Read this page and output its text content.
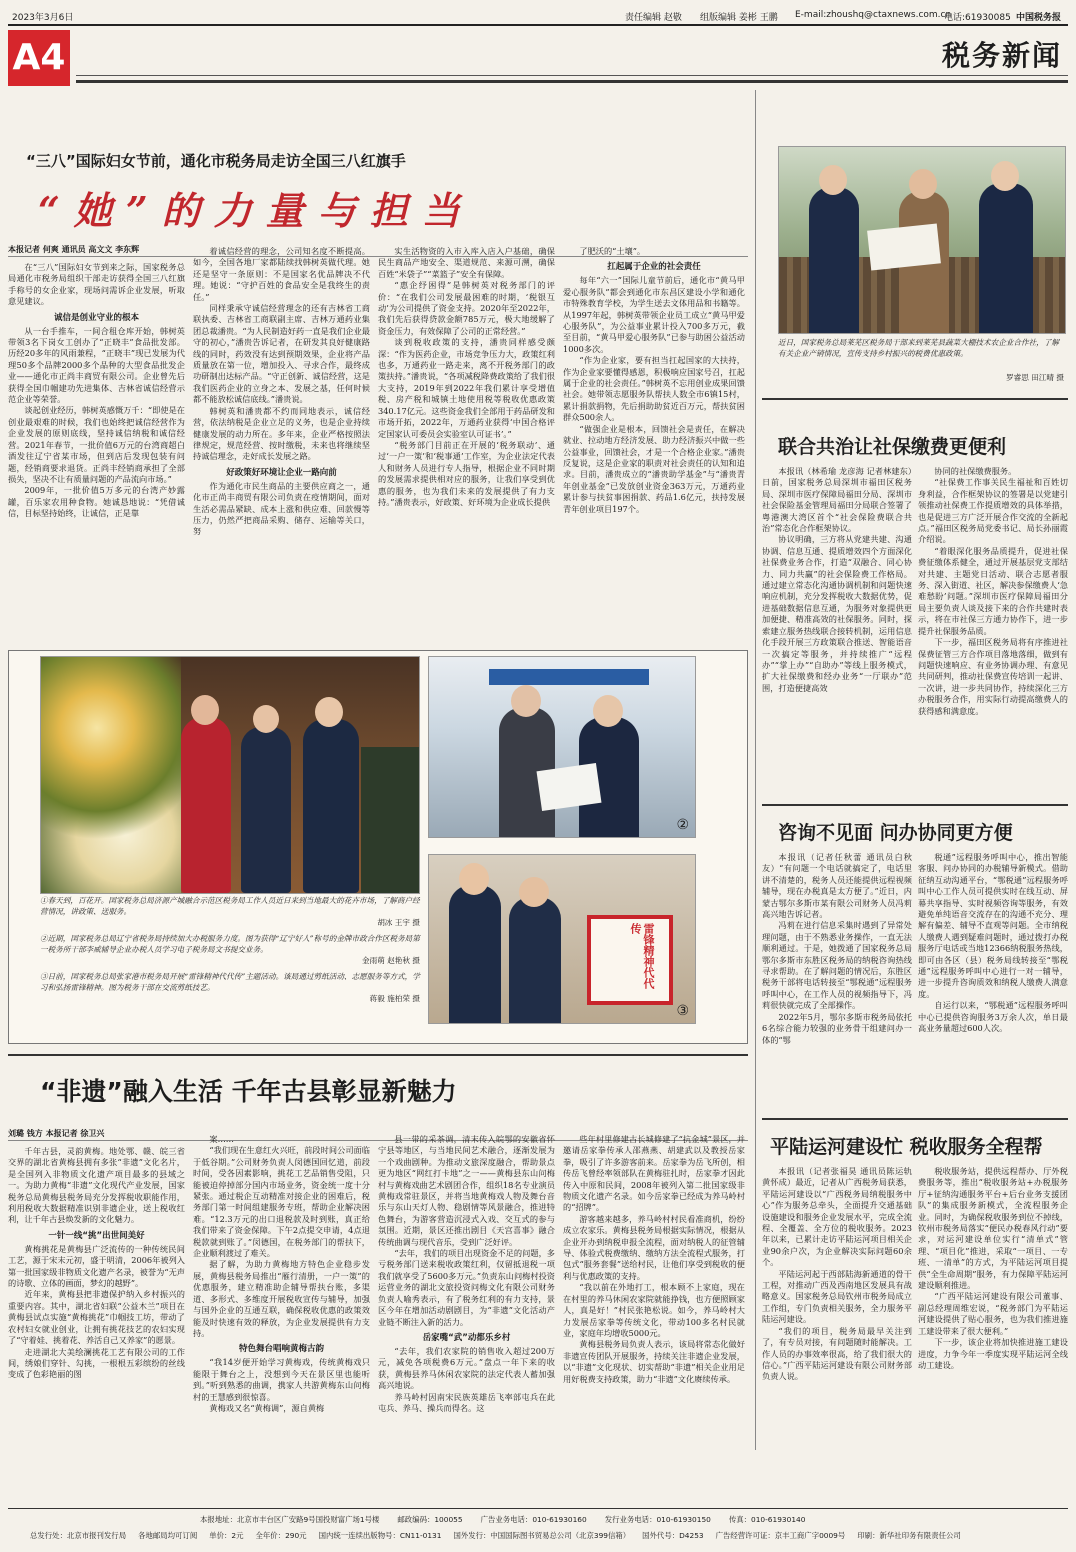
2023年3月6日	责任编辑 赵敬 组版编辑 姜彬 王鹏 E-mail:zhoushq@ctaxnews.com.cn
电话:61930085 中国税务报
A4	税务新闻
“三八”国际妇女节前，通化市税务局走访全国三八红旗手
“她”的力量与担当
本报记者 何爽 通讯员 高文文 李东辉

在“三八”国际妇女节到来之际，国家税务总局通化市税务局组织干部走访获得全国三八红旗手称号的女企业家，现场问需诉企业发展，听取意见建议。

诚信是创业守业的根本

从一台手推车，一间合租仓库开始，韩树英带领3名下岗女工创办了“正晓丰”食品批发部。历经20多年的风雨兼程，“正晓丰”现已发展为代理50多个品牌2000多个品种的大型食品批发企业——通化市正尚丰商贸有限公司。企业曾先后获得全国巾帼建功先进集体、吉林省诚信经营示范企业等荣誉。

谈起创业经历，韩树英感慨万千：“即使是在创业最艰难的时候，我们也始终把诚信经营作为企业发展的原则底线，坚持诚信纳税和诚信经营。2021年春节，一批价值6万元的台湾商超白酒发往辽宁省某市场，但到店后发现包装有问题，经销商要求退货。正尚丰经销商承担了全部损失，坚决不让有质量问题的产品流向市场。”

2009年，一批价值5万多元的台湾产妙露罐，百乐家农用种食物。她诚恳地说：“凭借诚信，目标坚持始终，让诚信，正是靠

着诚信经营的理念，公司知名度不断提高。如今，全国各地厂家都陆续找韩树英做代理。她还是坚守一条原则：不是国家名优品牌决不代理。她说：“守护百姓的食品安全是我终生的责任。”

同样秉承守诚信经营理念的还有吉林省工商联执委、吉林省工商联副主席、吉林万通药业集团总裁潘贵。“为人民制造好药一直是我们企业最守的初心，”潘贵告诉记者，在研发其良好健康路线的同时，药效没有达到预期效果，企业将产品质量放在第一位，增加投入、寻求合作，最终成功研制出达标产品。“守正创新、诚信经营，这是我们医药企业的立身之本、发展之基，任何时候都不能放松诚信底线。”潘贵说。

韩树英和潘贵都不约而同地表示，诚信经营，依法纳税是企业立足的义务，也是企业持续健康发展的动力所在。多年来，企业严格按照法律规定，规范经营、按时缴税，未来也将继续坚持诚信理念，走好成长发展之路。

好政策好环境让企业一路向前

作为通化市民生商品的主要供应商之一，通化市正尚丰商贸有限公司负责在疫情期间，面对生活必需品紧缺、成本上涨和供应难、回款慢等压力，仍然严把商品采购、储存、运输等关口，努

实生活物资的入市入库入店入户基础，确保民生商品产地安全、渠道规范、来源可溯，确保百姓“米袋子”“菜篮子”安全有保障。

“惠企纾困得”是韩树英对税务部门的评价：“在我们公司发展最困难的时期，‘税银互动’为公司提供了资金支持。2020年至2022年，我们先后获得贷款金额785万元，极大地缓解了资金压力，有效保障了公司的正常经营。”

谈到税收政策的支持，潘贵同样感受颇深：“作为医药企业，市场竞争压力大，政策红利也多，万通药业一路走来，离不开税务部门的政策扶持。”潘贵说，“各项减税降费政策给了我们很大支持，2019年到2022年我们累计享受增值税、房产税和城镇土地使用税等税收优惠政策340.17亿元。这些资金我们全部用于药品研发和市场开拓，2022年，万通药业获得‘中国合格评定国家认可委员会实验室认可证书’。”

“税务部门目前正在开展的‘税务联动’、通过‘一户一策’和‘税事通’工作室，为企业法定代表人和财务人员进行专人指导，根据企业不同时期的发展需求提供相对应的服务，让我们享受到优惠的服务，也为我们未来的发展提供了有力支持。”潘贵表示，好政策、好环境为企业成长提供

了肥沃的“土壤”。

扛起属于企业的社会责任

每年“六一”国际儿童节前后，通化市“黄马甲爱心服务队”都会到通化市东昌区建设小学和通化市特殊教育学校，为学生送去文体用品和书籍等。从1997年起，韩树英带领企业员工成立“黄马甲爱心服务队”，为公益事业累计投入700多万元，截至目前，“黄马甲爱心服务队”已参与助困公益活动1000多次。

“作为企业家，要有担当扛起国家的大扶持，作为企业家要懂得感恩，积极响应国家号召，扛起属于企业的社会责任。”韩树英不忘用创业成果回馈社会。她带领志愿服务队帮扶人数全市6镇15村，累计捐款捐物，先后捐助助贫近百万元，帮扶贫困群众500余人。

“做强企业是根本，回馈社会是责任，在解决就业、拉动地方经济发展、助力经济振兴中做一些公益事业，回馈社会，才是一个合格企业家。”潘贵反复说，这是企业家的职责对社会责任的认知和追求。目前，潘贵成立的“潘贵助学基金”与“潘贵青年创业基金”已发放创业资金363万元，万通药业累计参与扶贫事困捐款、药品1.6亿元，扶持发展青年创业项目197个。

②
雷锋精神代代传
③
①春天到，百花开。国家税务总局济源产城融合示范区税务局工作人员近日来到当地最大的花卉市场，了解商户经营情况，讲政策、送服务。
胡冰 王宇 摄
②近期，国家税务总局辽宁省税务局持续加大办税服务力度。图为获得“辽宁好人”称号的金牌市政合作区税务局第一税务所干部李威辅导企业办税人员学习电子税务局文书提交业务。
金雨萌 赵艳秋 摄
③日前，国家税务总局张家港市税务局开展“雷锋精神代代传”主题活动。该局通过剪纸活动、志愿服务等方式，学习和弘扬雷锋精神。图为税务干部在交流剪纸技艺。
蒋毅 施柏荣 摄
“非遗”融入生活 千年古县彰显新魅力
刘璐 钱方 本报记者 徐卫兴

千年古县，灵韵黄梅。地处鄂、赣、皖三省交界的湖北省黄梅县拥有多张“非遗”文化名片，是全国列入非物质文化遗产项目最多的县域之一。为助力黄梅“非遗”文化现代产业发展，国家税务总局黄梅县税务局充分发挥税收职能作用，利用税收大数据精准识别非遗企业，送上税收红利，让千年古县焕发新的文化魅力。

一针一线“挑”出世间美好

黄梅挑花是黄梅县广泛流传的一种传统民间工艺，源于宋末元初，盛于明清，2006年被列入第一批国家级非物质文化遗产名录，被誉为“无声的诗歌、立体的画面，梦幻的越野”。

近年来，黄梅县把非遗保护纳入乡村振兴的重要内容。其中，湖北省妇联“公益木兰”项目在黄梅县试点实施“黄梅挑花”巾帼技工坊，带动了农村妇女就业创业，让拥有挑花技艺的农妇实现了“守着娃、挑着花、养活自己又养家”的愿景。

走进湖北大美绘澜挑花工艺有限公司的工作间，绣娘们穿针、勾挑，一根根五彩缤纷的丝线变成了色彩艳丽的图

案……

“我们现在生意红火兴旺，前段时间公司面临于低谷期。”公司财务负责人闵德国回忆道，前段时间，受各因素影响，挑花工艺品销售受阻，只能被迫停掉部分国内市场业务，资金统一度十分紧张。通过税企互动精准对接企业的困难后，税务部门第一时间组建服务专班，帮助企业解决困难。“12.3万元的出口退税款及时到账，真正给我们带来了资金保障。下午2点提交申请，4点退税款就到账了。”闵德国，在税务部门的帮扶下，企业顺利渡过了难关。

据了解，为助力黄梅地方特色企业稳步发展，黄梅县税务局推出“雁行清册，一户一策”的优惠服务，建立精准助企辅导帮扶台账，多渠道、多形式、多维度开展税收宣传与辅导，加强与国外企业的互通互联，确保税收优惠的政策效能及时快速有效的释放，为企业发展提供有力支持。

特色舞台唱响黄梅古韵

“我14岁便开始学习黄梅戏，传统黄梅戏只能限于舞台之上，没想到今天在景区里也能听到。”听到熟悉的曲调，携家人共游黄梅东山问梅村的王慧感到很惊喜。

黄梅戏又名“黄梅调”，源自黄梅

县一带的采茶调，清末传入皖鄂的安徽省怀宁县等地区，与当地民间艺术融合，逐渐发展为一个戏曲剧种。为推动文旅深度融合，帮助景点更为地区“网红打卡地”之一——黄梅县东山问梅村与黄梅戏曲艺术剧团合作，组织18名专业演员黄梅戏常驻景区，并将当地黄梅戏人物及舞台音乐与东山天灯人物、稳剧情等风景融合，推进特色舞台，为游客营造沉浸式入戏、交互式的参与氛围。近期，景区还推出剧目《天宫喜事》融合传统曲调与现代音乐，受到广泛好评。

“去年，我们的项目出现资金不足的问题，多亏税务部门送来税收政策红利，仅留抵退税一项我们就享受了5600多万元。”负责东山问梅村投资运营业务的湖北文旅投资问梅文化有限公司财务负责人喻秀表示，有了税务红利的有力支持，景区今年在增加活动剧剧目，为“非遗”文化活动产业链不断注入新的活力。

岳家嘴“武”动都乐乡村

“去年，我们农家院的销售收入超过200万元，减免各项税费6万元。”盘点一年下来的收获，黄梅县养马休闲农家院的法定代表人蓄加强高兴地说。

养马岭村因南宋民族英雄岳飞率部屯兵在此屯兵、养马、操兵而得名。这

些年村里修建古长城修建了“抗金城”景区，并邀请岳家拳传承人邵燕燕、胡建武以及教授岳家拳，吸引了许多游客前来。岳家拳为岳飞所创，相传岳飞曾经率领部队在黄梅驻扎时，岳家拳才因此传入中原和民间，2008年被列入第二批国家级非物质文化遗产名录。如今岳家拳已经成为养马岭村的“招牌”。

游客越来越多，养马岭村村民看准商机，纷纷成立农家乐。黄梅县税务局根据实际情况，根据从企业开办到纳税申报全流程，面对纳税人的征管辅导、体验式税费缴纳、缴纳方法全流程式服务，打包式“服务套餐”送给村民，让他们享受到税收的便利与优惠政策的支持。

“我以前在外地打工，根本顾不上家庭，现在在村里的养马休闲农家院就能挣钱，也方便照顾家人，真是好！”村民张艳松说。如今，养马岭村大力发展岳家拳等传统文化，带动100多名村民就业，家庭年均增收5000元。

黄梅县税务局负责人表示，该局将常态化做好非遗宣传团队开展服务，持续关注非遗企业发展，以“非遗”文化现状、切实帮助“非遗”相关企业用足用好税费支持政策，助力“非遗”文化赓续传承。

近日，国家税务总局莱芜区税务局干部来到莱芜县蔬菜大棚技术农企业合作社，了解有关企业产销情况，宣传支持乡村振兴的税费优惠政策。
罗睿思 田江晴 摄
联合共治让社保缴费更便利

本报讯（林希瑜 龙彦海 记者林建东）日前，国家税务总局深圳市福田区税务局、深圳市医疗保障局福田分局、深圳市社会保险基金管理局福田分局联合签署了粤港澳大湾区首个“社会保险费联合共治”常态化合作框架协议。

协议明确，三方将从党建共建、沟通协调、信息互通、提质增效四个方面深化社保费业务合作，打造“双融合、同心协力、同力共赢”的社会保险费工作格局。通过建立常态化沟通协调机制和问题快速响应机制，充分发挥税收大数据优势，促进基础数据信息互通，为服务对象提供更加便捷、精准高效的社保服务。同时，探索建立服务热线联合接转机制，运用信息化手段开展三方政策联合推送、智能语音一次搞定等服务，并持续推广“远程办”“掌上办”“自助办”等线上服务模式，扩大社保缴费和经办业务“一厅联办”范围，打造便捷高效

协同的社保缴费服务。

“社保费工作事关民生福祉和百姓切身利益，合作框架协议的签署是以党建引领推动社保费工作提质增效的具体举措，也是促进三方广泛开展合作交流的全新起点。”福田区税务局党委书记、局长孙丽霞介绍说。

“着眼深化服务品质提升，促进社保费征缴体系健全，通过开展基层党支部结对共建、主题党日活动、联合志愿者服务、深入街道、社区，解决参保缴费人‘急难愁盼’问题。”深圳市医疗保障局福田分局主要负责人谈及接下来的合作共建时表示，将在市社保三方通力协作下，进一步提升社保服务品质。

下一步，福田区税务局将有序推进社保费征管三方合作项目落地落细，做到有问题快速响应、有业务协调办理、有意见共同研判，推动社保费宣传培训一起讲、一次讲，进一步共同协作，持续深化三方办税服务合作，用实际行动提高缴费人的获得感和满意度。

咨询不见面 问办协同更方便

本报讯（记者任秋蕾 通讯员白秋友）“有问题一个电话就搞定了，电话里讲不清楚的，税务人员还能提供远程视频辅导，现在办税真是太方便了。”近日，内蒙古鄂尔多斯市某有限公司财务人员冯莉高兴地告诉记者。

冯莉在进行信息采集时遇到了异常处理问题，由于不熟悉业务操作，一直无法顺利通过。于是，她拨通了国家税务总局鄂尔多斯市东胜区税务局的纳税咨询热线寻求帮助。在了解问题的情况后，东胜区税务干部将电话转接至“鄂税通”远程服务呼叫中心，在工作人员的视频指导下，冯莉很快就完成了全部操作。

2022年5月，鄂尔多斯市税务局依托6名综合能力较强的业务骨干组建问办一体的“鄂

税通”远程服务呼叫中心，推出智能客服、问办协同的办税辅导新模式。借助征纳互动沟通平台，“鄂税通”远程服务呼叫中心工作人员可提供实时在线互动、屏幕共享指导、实时视频咨询等服务，有效避免单纯语音交流存在的沟通不充分、理解有偏差、辅导不直观等问题。全市纳税人缴费人遇到疑难问题时，通过拨打办税服务厅电话或当地12366纳税服务热线，即可由各区（县）税务局线转接至“鄂税通”远程服务呼叫中心进行一对一辅导，进一步提升咨询质效和纳税人缴费人满意度。

自运行以来，“鄂税通”远程服务呼叫中心已提供咨询服务3万余人次，单日最高业务量超过600人次。

平陆运河建设忙 税收服务全程帮

本报讯（记者张福昊 通讯员陈运轨 黄怀成）最近，记者从广西税务局获悉，平陆运河建设以“广西税务局纳税服务中心”作为服务总牵头，全面提升交通基础设施建设和服务企业发展水平，完成全流程、全覆盖、全方位的税收服务。2023年以来，已累计走访平陆运河项目相关企业90余户次，为企业解决实际问题60余个。

平陆运河起于西部陆海新通道的骨干工程，对推动广西及西南地区发展具有战略意义。国家税务总局钦州市税务局成立工作组，专门负责相关服务，全力服务平陆运河建设。

“我们的项目，税务局最早关注到了，有专员对接，有问题随时能解决。工作人员的办事效率很高，给了我们很大的信心。”广西平陆运河建设有限公司财务部负责人说。

税收服务站，提供远程帮办、厅外税费服务等，推出“税收服务站+办税服务厅+征纳沟通服务平台+后台业务支援团队”的集成服务新模式，全流程服务企业。同时，为确保税收服务到位不掉线，钦州市税务局落实“便民办税春风行动”要求，对运河建设单位实行“清单式”管理、“项目化”推进，采取“一项目、一专班、一清单”的方式，为平陆运河项目提供“全生命周期”服务，有力保障平陆运河建设顺利推进。

“广西平陆运河建设有限公司董事、副总经理周维宏说，“税务部门为平陆运河建设提供了贴心服务，也为我们推进施工建设带来了很大便利。”

下一步，该企业将加快推进施工建设进度，力争今年一季度实现平陆运河全线动工建设。

本报地址：北京市丰台区广安路9号国投财富广场1号楼 邮政编码：100055 广告业务电话：010-61930160 发行业务电话：010-61930150 传真：010-61930140
总发行处：北京市报刊发行局 各地邮局均可订阅 单价：2元 全年价：290元 国内统一连续出版物号：CN11-0131 国外发行：中国国际图书贸易总公司（北京399信箱） 国外代号：D4253 广告经营许可证：京丰工商广字0009号 印刷：新华社印务有限责任公司
